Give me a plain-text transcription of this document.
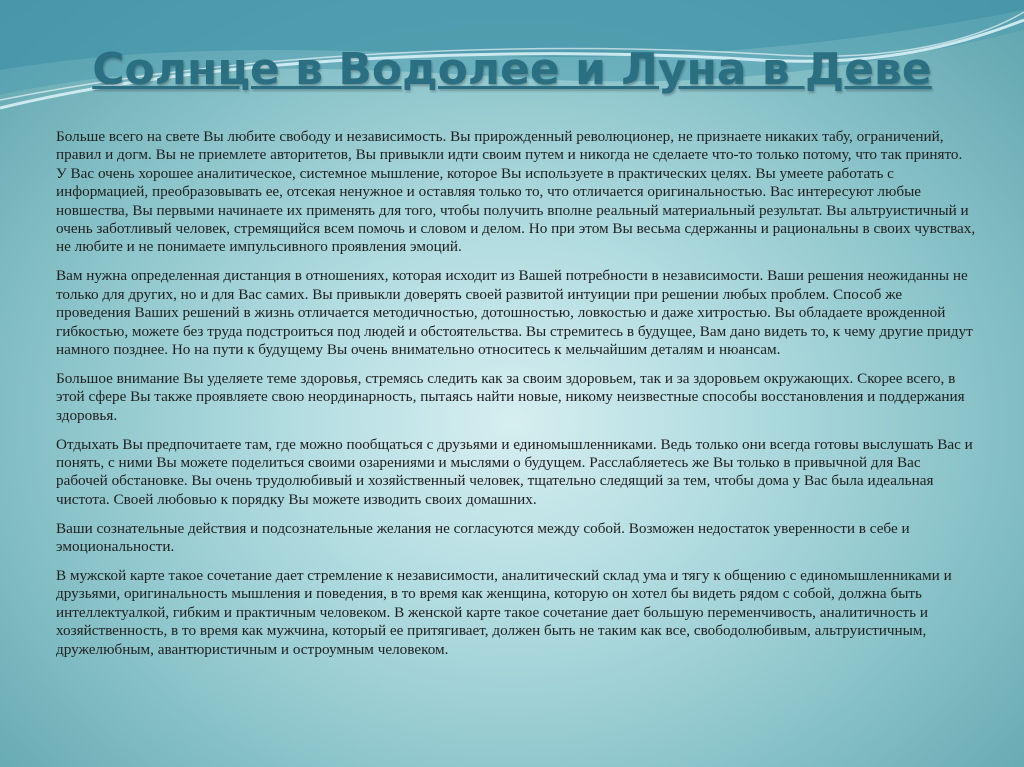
Солнце в Водолее и Луна в Деве
◦ Больше всего на свете Вы любите свободу и независимость. Вы прирожденный революционер, не признаете никаких табу, ограничений, правил и догм. Вы не приемлете авторитетов, Вы привыкли идти своим путем и никогда не сделаете что-то только потому, что так принято. У Вас очень хорошее аналитическое, системное мышление, которое Вы используете в практических целях. Вы умеете работать с информацией, преобразовывать ее, отсекая ненужное и оставляя только то, что отличается оригинальностью. Вас интересуют любые новшества, Вы первыми начинаете их применять для того, чтобы получить вполне реальный материальный результат. Вы альтруистичный и очень заботливый человек, стремящийся всем помочь и словом и делом. Но при этом Вы весьма сдержанны и рациональны в своих чувствах, не любите и не понимаете импульсивного проявления эмоций.

Вам нужна определенная дистанция в отношениях, которая исходит из Вашей потребности в независимости. Ваши решения неожиданны не только для других, но и для Вас самих. Вы привыкли доверять своей развитой интуиции при решении любых проблем. Способ же проведения Ваших решений в жизнь отличается методичностью, дотошностью, ловкостью и даже хитростью. Вы обладаете врожденной гибкостью, можете без труда подстроиться под людей и обстоятельства. Вы стремитесь в будущее, Вам дано видеть то, к чему другие придут намного позднее. Но на пути к будущему Вы очень внимательно относитесь к мельчайшим деталям и нюансам.

Большое внимание Вы уделяете теме здоровья, стремясь следить как за своим здоровьем, так и за здоровьем окружающих. Скорее всего, в этой сфере Вы также проявляете свою неординарность, пытаясь найти новые, никому неизвестные способы восстановления и поддержания здоровья.

Отдыхать Вы предпочитаете там, где можно пообщаться с друзьями и единомышленниками. Ведь только они всегда готовы выслушать Вас и понять, с ними Вы можете поделиться своими озарениями и мыслями о будущем. Расслабляетесь же Вы только в привычной для Вас рабочей обстановке. Вы очень трудолюбивый и хозяйственный человек, тщательно следящий за тем, чтобы дома у Вас была идеальная чистота. Своей любовью к порядку Вы можете изводить своих домашних.

Ваши сознательные действия и подсознательные желания не согласуются между собой. Возможен недостаток уверенности в себе и эмоциональности.

В мужской карте такое сочетание дает стремление к независимости, аналитический склад ума и тягу к общению с единомышленниками и друзьями, оригинальность мышления и поведения, в то время как женщина, которую он хотел бы видеть рядом с собой, должна быть интеллектуалкой, гибким и практичным человеком. В женской карте такое сочетание дает большую переменчивость, аналитичность и хозяйственность, в то время как мужчина, который ее притягивает, должен быть не таким как все, свободолюбивым, альтруистичным, дружелюбным, авантюристичным и остроумным человеком.
